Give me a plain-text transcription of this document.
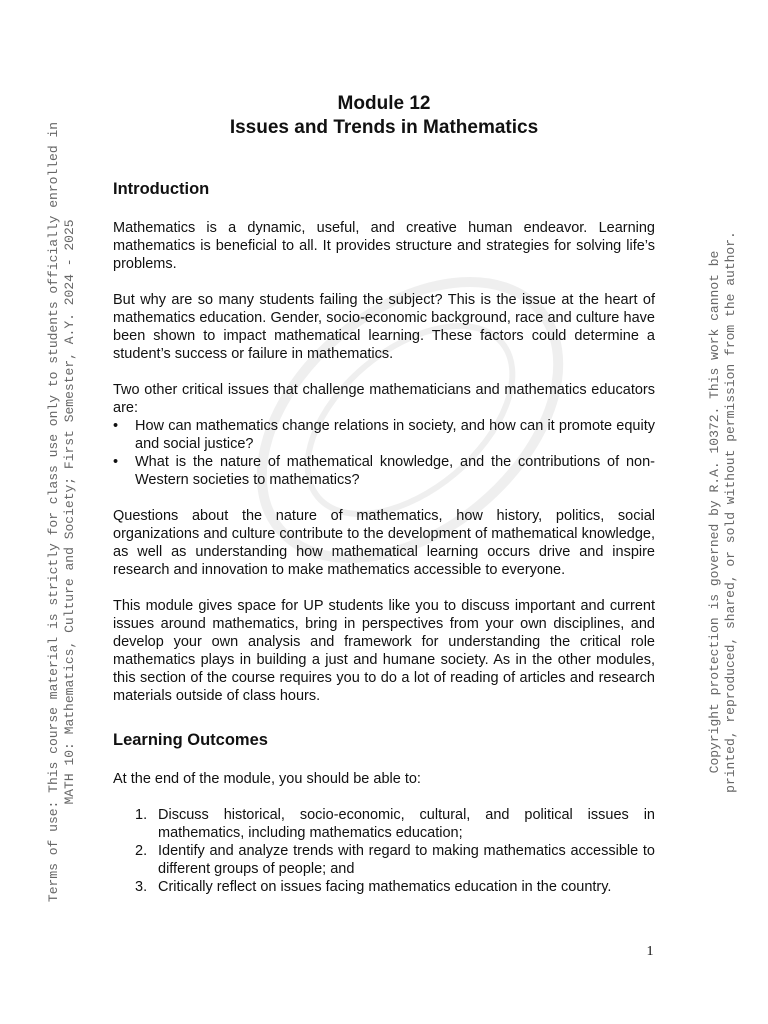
Terms of use: This course material is strictly for class use only to students officially enrolled in MATH 10: Mathematics, Culture and Society; First Semester, A.Y. 2024 - 2025	Copyright protection is governed by R.A. 10372. This work cannot be printed, reproduced, shared, or sold without permission from the author.
Module 12
Issues and Trends in Mathematics
Introduction

Mathematics is a dynamic, useful, and creative human endeavor. Learning mathematics is beneficial to all. It provides structure and strategies for solving life’s problems.

But why are so many students failing the subject? This is the issue at the heart of mathematics education. Gender, socio-economic background, race and culture have been shown to impact mathematical learning. These factors could determine a student’s success or failure in mathematics.

Two other critical issues that challenge mathematicians and mathematics educators are:

• How can mathematics change relations in society, and how can it promote equity and social justice?
• What is the nature of mathematical knowledge, and the contributions of non-Western societies to mathematics?

Questions about the nature of mathematics, how history, politics, social organizations and culture contribute to the development of mathematical knowledge, as well as understanding how mathematical learning occurs drive and inspire research and innovation to make mathematics accessible to everyone.

This module gives space for UP students like you to discuss important and current issues around mathematics, bring in perspectives from your own disciplines, and develop your own analysis and framework for understanding the critical role mathematics plays in building a just and humane society. As in the other modules, this section of the course requires you to do a lot of reading of articles and research materials outside of class hours.

Learning Outcomes

At the end of the module, you should be able to:

1. Discuss historical, socio-economic, cultural, and political issues in mathematics, including mathematics education;
2. Identify and analyze trends with regard to making mathematics accessible to different groups of people; and
3. Critically reflect on issues facing mathematics education in the country.
1
